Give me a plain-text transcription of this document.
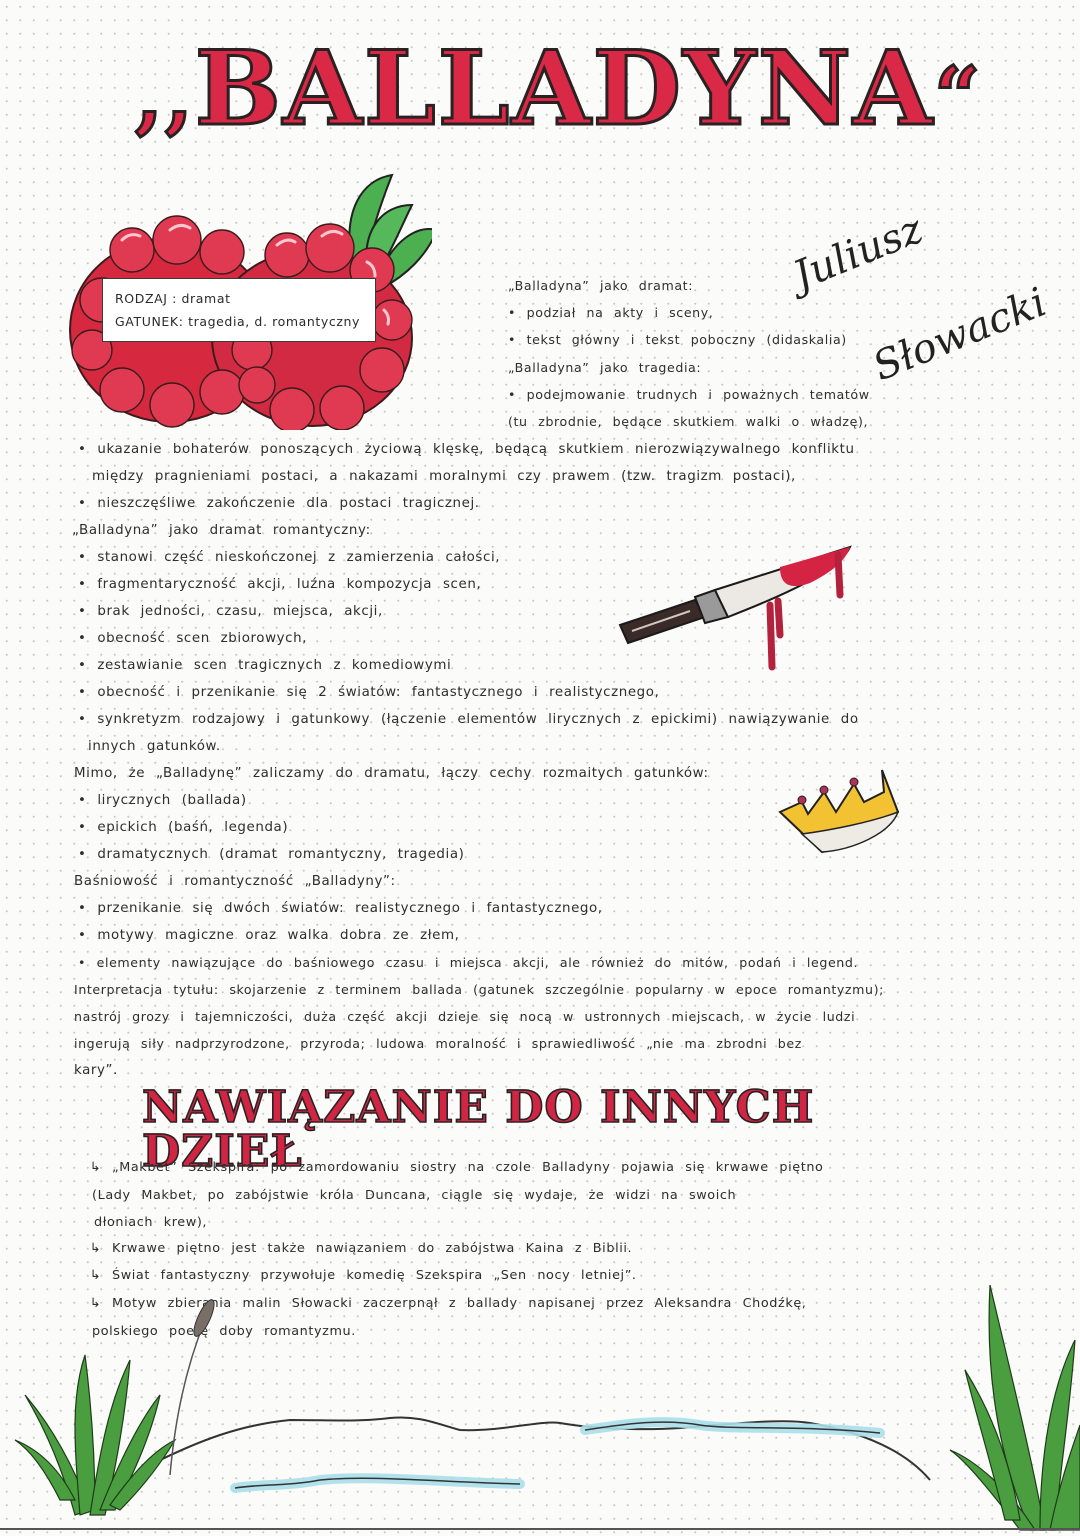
,,BALLADYNA“

Juliusz

Słowacki

RODZAJ : dramat
GATUNEK: tragedia, d. romantyczny
„Balladyna” jako dramat:
• podział na akty i sceny,
• tekst główny i tekst poboczny (didaskalia)
„Balladyna” jako tragedia:
• podejmowanie trudnych i poważnych tematów
(tu zbrodnie, będące skutkiem walki o władzę),
• ukazanie bohaterów ponoszących życiową klęskę, będącą skutkiem nierozwiązywalnego konfliktu
między pragnieniami postaci, a nakazami moralnymi czy prawem (tzw. tragizm postaci),
• nieszczęśliwe zakończenie dla postaci tragicznej.
„Balladyna” jako dramat romantyczny:
• stanowi część nieskończonej z zamierzenia całości,
• fragmentaryczność akcji, luźna kompozycja scen,
• brak jedności, czasu, miejsca, akcji,
• obecność scen zbiorowych,
• zestawianie scen tragicznych z komediowymi
• obecność i przenikanie się 2 światów: fantastycznego i realistycznego,
• synkretyzm rodzajowy i gatunkowy (łączenie elementów lirycznych z epickimi) nawiązywanie do
innych gatunków.
Mimo, że „Balladynę” zaliczamy do dramatu, łączy cechy rozmaitych gatunków:
• lirycznych (ballada)
• epickich (baśń, legenda)
• dramatycznych (dramat romantyczny, tragedia)
Baśniowość i romantyczność „Balladyny”:
• przenikanie się dwóch światów: realistycznego i fantastycznego,
• motywy magiczne oraz walka dobra ze złem,
• elementy nawiązujące do baśniowego czasu i miejsca akcji, ale również do mitów, podań i legend.
Interpretacja tytułu: skojarzenie z terminem ballada (gatunek szczególnie popularny w epoce romantyzmu);
nastrój grozy i tajemniczości, duża część akcji dzieje się nocą w ustronnych miejscach, w życie ludzi
ingerują siły nadprzyrodzone, przyroda; ludowa moralność i sprawiedliwość „nie ma zbrodni bez
kary”.
NAWIĄZANIE DO INNYCH DZIEŁ
↳ „Makbet” Szekspira: po zamordowaniu siostry na czole Balladyny pojawia się krwawe piętno
(Lady Makbet, po zabójstwie króla Duncana, ciągle się wydaje, że widzi na swoich
dłoniach krew),
↳ Krwawe piętno jest także nawiązaniem do zabójstwa Kaina z Biblii.
↳ Świat fantastyczny przywołuje komedię Szekspira „Sen nocy letniej”.
↳ Motyw zbierania malin Słowacki zaczerpnął z ballady napisanej przez Aleksandra Chodźkę,
polskiego poetę doby romantyzmu.
